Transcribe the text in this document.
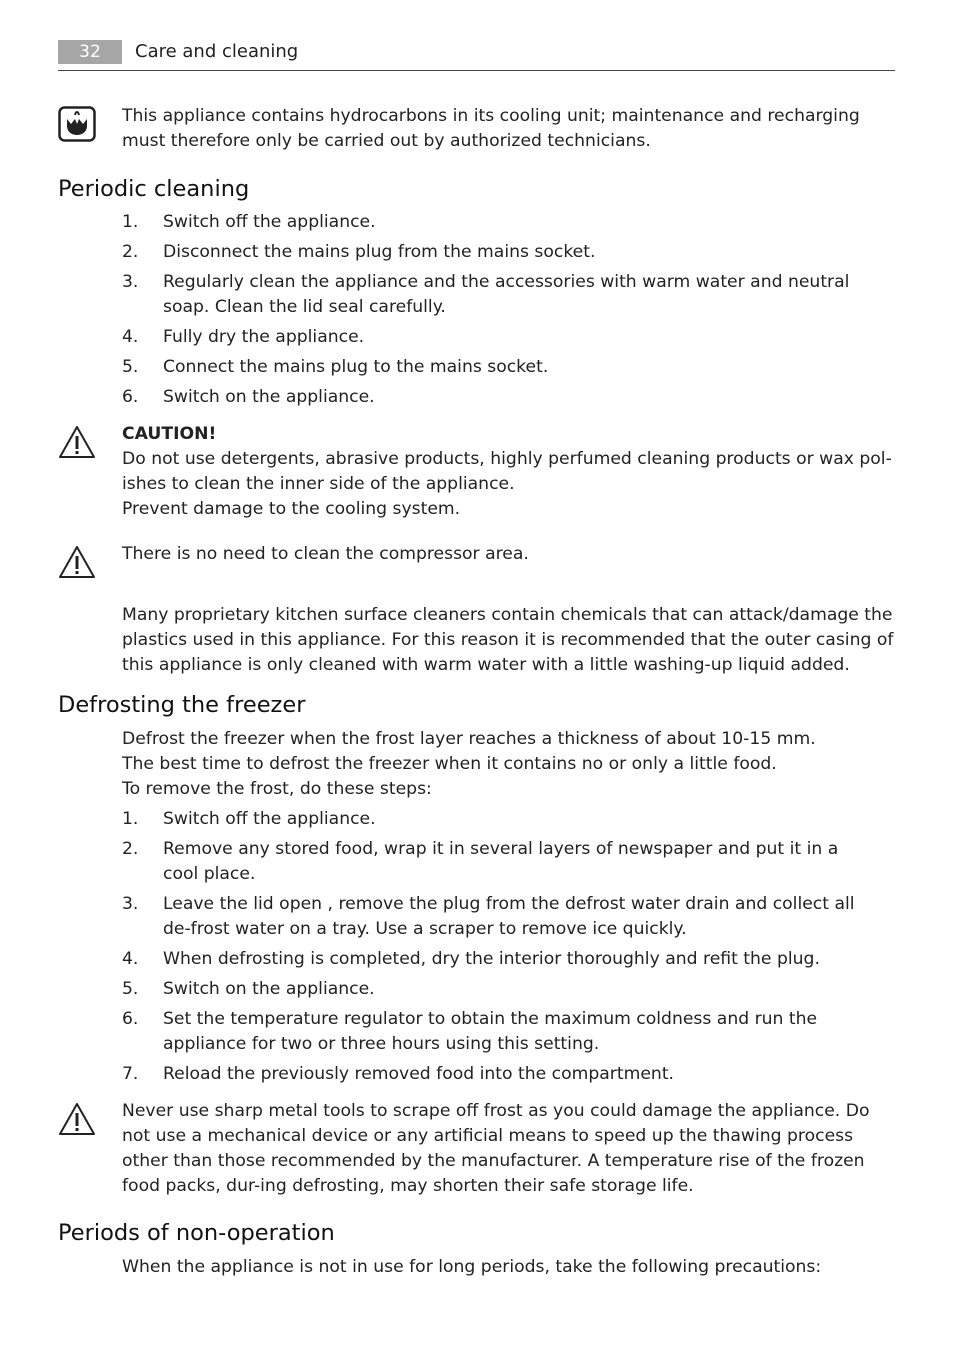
32	Care and cleaning
This appliance contains hydrocarbons in its cooling unit; maintenance and recharging must therefore only be carried out by authorized technicians.
Periodic cleaning
1. Switch off the appliance.
2. Disconnect the mains plug from the mains socket.
3. Regularly clean the appliance and the accessories with warm water and neutral soap. Clean the lid seal carefully.
4. Fully dry the appliance.
5. Connect the mains plug to the mains socket.
6. Switch on the appliance.
CAUTION!
Do not use detergents, abrasive products, highly perfumed cleaning products or wax pol-ishes to clean the inner side of the appliance.
Prevent damage to the cooling system.
There is no need to clean the compressor area.
Many proprietary kitchen surface cleaners contain chemicals that can attack/damage the plastics used in this appliance. For this reason it is recommended that the outer casing of this appliance is only cleaned with warm water with a little washing-up liquid added.
Defrosting the freezer
Defrost the freezer when the frost layer reaches a thickness of about 10-15 mm.
The best time to defrost the freezer when it contains no or only a little food.
To remove the frost, do these steps:
1. Switch off the appliance.
2. Remove any stored food, wrap it in several layers of newspaper and put it in a cool place.
3. Leave the lid open , remove the plug from the defrost water drain and collect all de-frost water on a tray. Use a scraper to remove ice quickly.
4. When defrosting is completed, dry the interior thoroughly and refit the plug.
5. Switch on the appliance.
6. Set the temperature regulator to obtain the maximum coldness and run the appliance for two or three hours using this setting.
7. Reload the previously removed food into the compartment.
Never use sharp metal tools to scrape off frost as you could damage the appliance. Do not use a mechanical device or any artificial means to speed up the thawing process other than those recommended by the manufacturer. A temperature rise of the frozen food packs, dur-ing defrosting, may shorten their safe storage life.
Periods of non-operation
When the appliance is not in use for long periods, take the following precautions:
